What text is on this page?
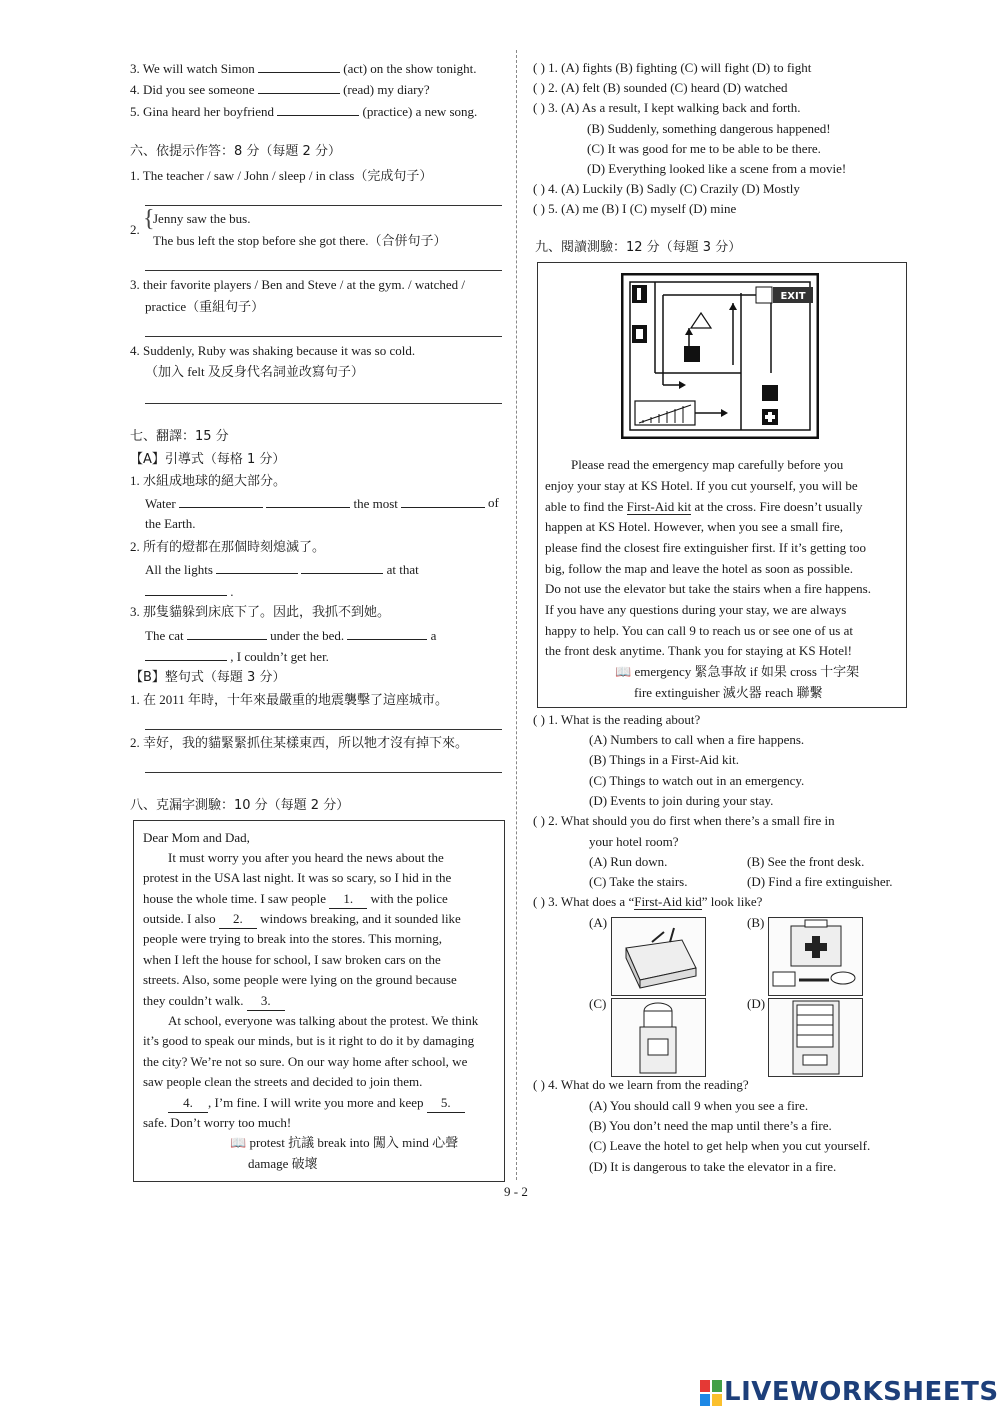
3. We will watch Simon	(act) on the show tonight.
4. Did you see someone	(read) my diary?
5. Gina heard her boyfriend	(practice) a new song.
六、依提示作答：8 分（每題 2 分）
1. The teacher / saw / John / sleep / in class（完成句子）
2. {
Jenny saw the bus.
The bus left the stop before she got there.（合併句子）
3. their favorite players / Ben and Steve / at the gym. / watched /
practice（重組句子）
4. Suddenly, Ruby was shaking because it was so cold.
（加入 felt 及反身代名詞並改寫句子）
七、翻譯：15 分
【A】引導式（每格 1 分）
1. 水組成地球的絕大部分。
Water	the most	of
the Earth.
2. 所有的燈都在那個時刻熄滅了。
All the lights	at that
.
3. 那隻貓躲到床底下了。因此，我抓不到她。
The cat	under the bed.	a
, I couldn’t get her.
【B】整句式（每題 3 分）
1. 在 2011 年時，十年來最嚴重的地震襲擊了這座城市。
2. 幸好，我的貓緊緊抓住某樣東西，所以牠才沒有掉下來。
八、克漏字測驗：10 分（每題 2 分）
Dear Mom and Dad,
It must worry you after you heard the news about the
protest in the USA last night. It was so scary, so I hid in the
house the whole time. I saw people 1. with the police
outside. I also 2. windows breaking, and it sounded like
people were trying to break into the stores. This morning,
when I left the house for school, I saw broken cars on the
streets. Also, some people were lying on the ground because
they couldn’t walk. 3.
At school, everyone was talking about the protest. We think
it’s good to speak our minds, but is it right to do it by damaging
the city? We’re not so sure. On our way home after school, we
saw people clean the streets and decided to join them.
4. , I’m fine. I will write you more and keep 5.
safe. Don’t worry too much!
📖 protest 抗議 break into 闖入 mind 心聲
damage 破壞
( ) 1. (A) fights (B) fighting (C) will fight (D) to fight
( ) 2. (A) felt (B) sounded (C) heard (D) watched
( ) 3. (A) As a result, I kept walking back and forth.
(B) Suddenly, something dangerous happened!
(C) It was good for me to be able to be there.
(D) Everything looked like a scene from a movie!
( ) 4. (A) Luckily (B) Sadly (C) Crazily (D) Mostly
( ) 5. (A) me (B) I (C) myself (D) mine
九、閱讀測驗：12 分（每題 3 分）
EXIT
Please read the emergency map carefully before you
enjoy your stay at KS Hotel. If you cut yourself, you will be
able to find the First-Aid kit at the cross. Fire doesn’t usually
happen at KS Hotel. However, when you see a small fire,
please find the closest fire extinguisher first. If it’s getting too
big, follow the map and leave the hotel as soon as possible.
Do not use the elevator but take the stairs when a fire happens.
If you have any questions during your stay, we are always
happy to help. You can call 9 to reach us or see one of us at
the front desk anytime. Thank you for staying at KS Hotel!
📖 emergency 緊急事故 if 如果 cross 十字架
fire extinguisher 滅火器 reach 聯繫
( ) 1. What is the reading about?
(A) Numbers to call when a fire happens.
(B) Things in a First-Aid kit.
(C) Things to watch out in an emergency.
(D) Events to join during your stay.
( ) 2. What should you do first when there’s a small fire in
your hotel room?
(A) Run down.	(B) See the front desk.
(C) Take the stairs.	(D) Find a fire extinguisher.
( ) 3. What does a “First-Aid kid” look like?
(A)	(B)
(C)	(D)
( ) 4. What do we learn from the reading?
(A) You should call 9 when you see a fire.
(B) You don’t need the map until there’s a fire.
(C) Leave the hotel to get help when you cut yourself.
(D) It is dangerous to take the elevator in a fire.
9 - 2
LIVEWORKSHEETS
